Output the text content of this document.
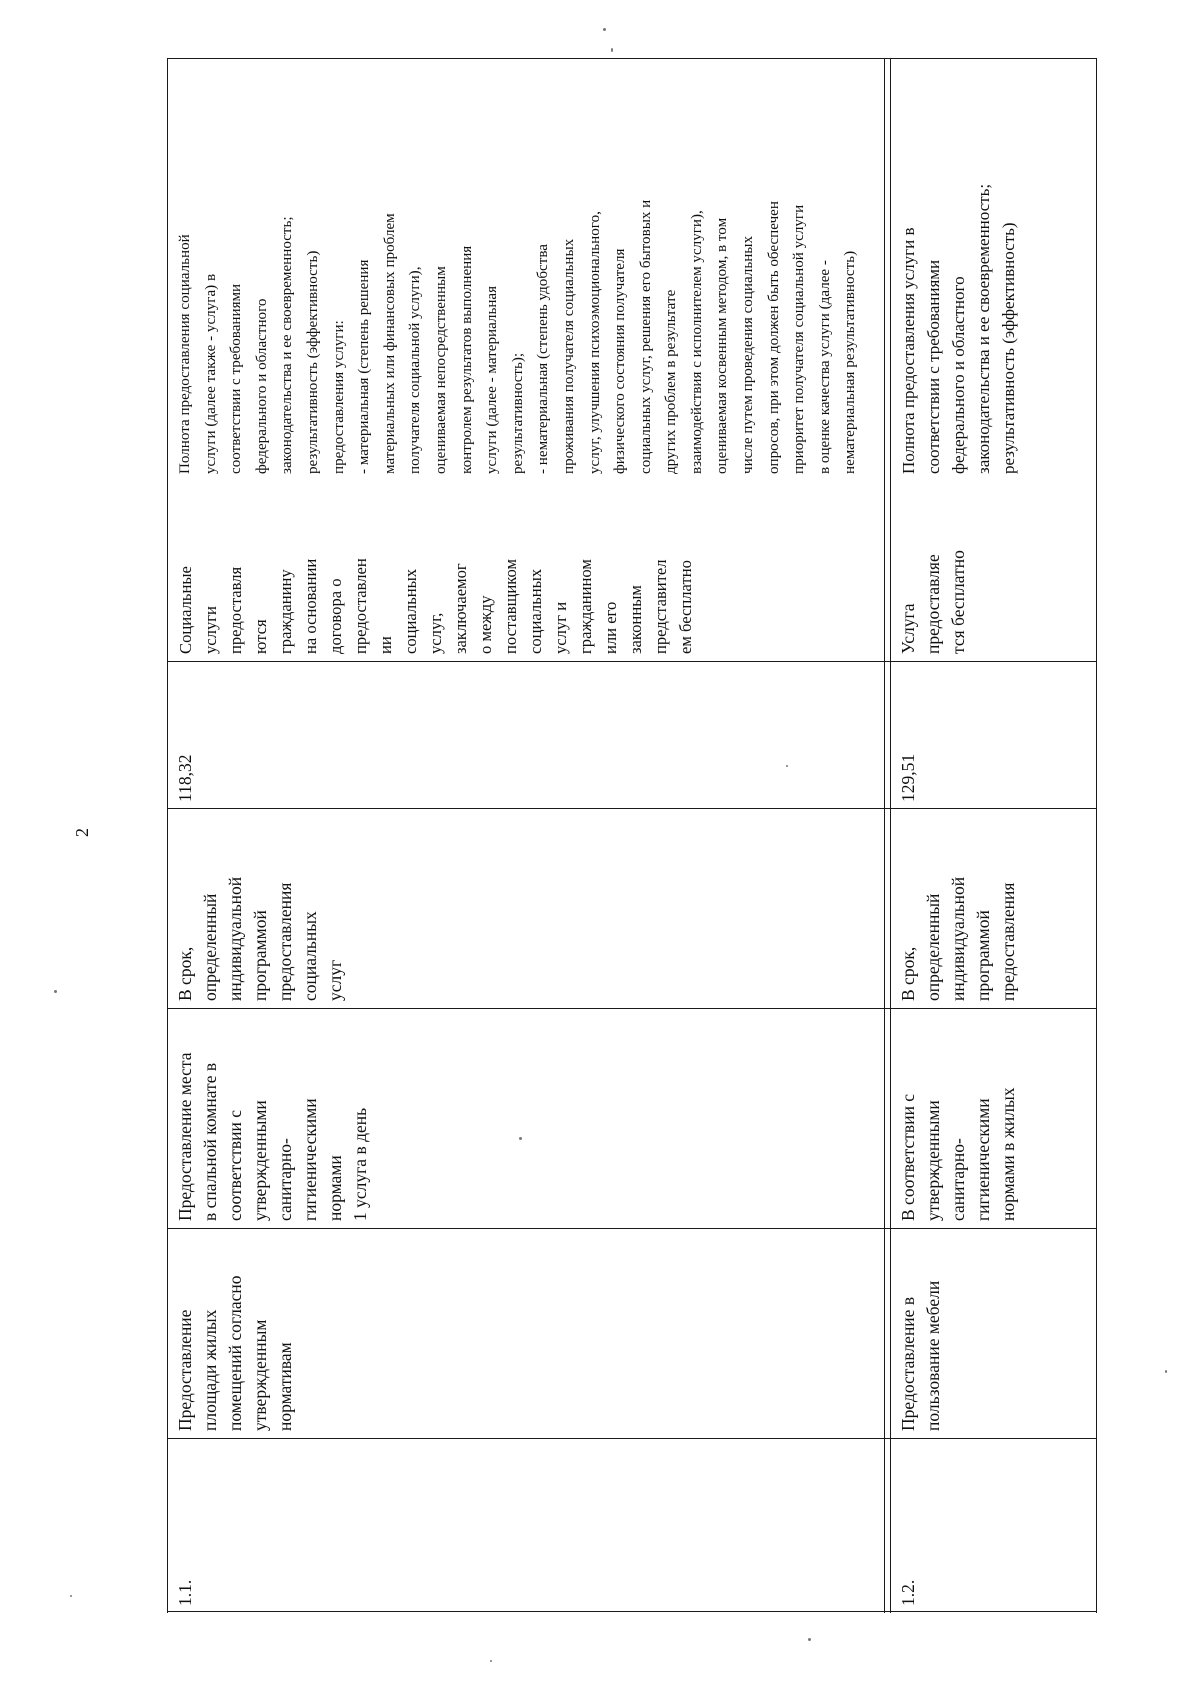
2
1.1.
Предоставление
площади жилых
помещений согласно
утвержденным
нормативам
Предоставление места
в спальной комнате в
соответствии с
утвержденными
санитарно-
гигиеническими
нормами
1 услуга в день
В срок,
определенный
индивидуальной
программой
предоставления
социальных
услуг
118,32
Социальные
услуги
предоставля
ются
гражданину
на основании
договора о
предоставлен
ии
социальных
услуг,
заключаемог
о между
поставщиком
социальных
услуг и
гражданином
или его
законным
представител
ем бесплатно
Полнота предоставления социальной
услуги (далее также - услуга) в
соответствии с требованиями
федерального и областного
законодательства и ее своевременность;
результативность (эффективность)
предоставления услуги:
- материальная (степень решения
материальных или финансовых проблем
получателя социальной услуги),
оцениваемая непосредственным
контролем результатов выполнения
услуги (далее - материальная
результативность);
- нематериальная (степень удобства
проживания получателя социальных
услуг, улучшения психоэмоционального,
физического состояния получателя
социальных услуг, решения его бытовых и
других проблем в результате
взаимодействия с исполнителем услуги),
оцениваемая косвенным методом, в том
числе путем проведения социальных
опросов, при этом должен быть обеспечен
приоритет получателя социальной услуги
в оценке качества услуги (далее -
нематериальная результативность)
1.2.
Предоставление в
пользование мебели
В соответствии с
утвержденными
санитарно-
гигиеническими
нормами в жилых
В срок,
определенный
индивидуальной
программой
предоставления
129,51
Услуга
предоставляе
тся бесплатно
Полнота предоставления услуги в
соответствии с требованиями
федерального и областного
законодательства и ее своевременность;
результативность (эффективность)
